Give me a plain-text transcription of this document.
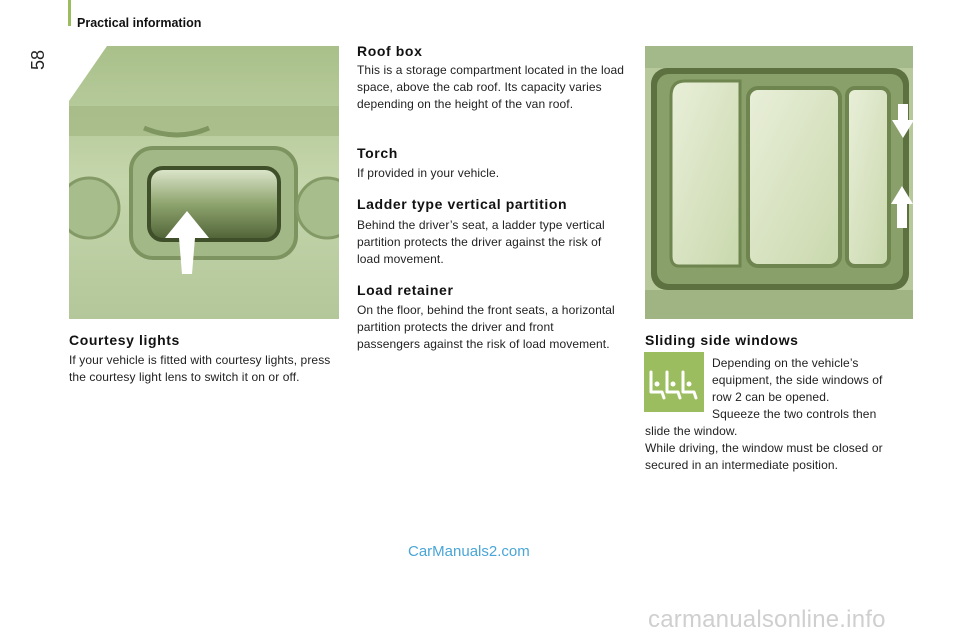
Practical information
58
Courtesy lights

If your vehicle is fitted with courtesy lights, press the courtesy light lens to switch it on or off.

Roof box

This is a storage compartment located in the load space, above the cab roof. Its capacity varies depending on the height of the van roof.

Torch

If provided in your vehicle.

Ladder type vertical partition

Behind the driver’s seat, a ladder type vertical partition protects the driver against the risk of load movement.

Load retainer

On the floor, behind the front seats, a horizontal partition protects the driver and front passengers against the risk of load movement.	Sliding side windows

Depending on the vehicle’s

equipment, the side windows of

row 2 can be opened.

Squeeze the two controls then

slide the window.

While driving, the window must be closed or

secured in an intermediate position.

CarManuals2.com
carmanualsonline.info
